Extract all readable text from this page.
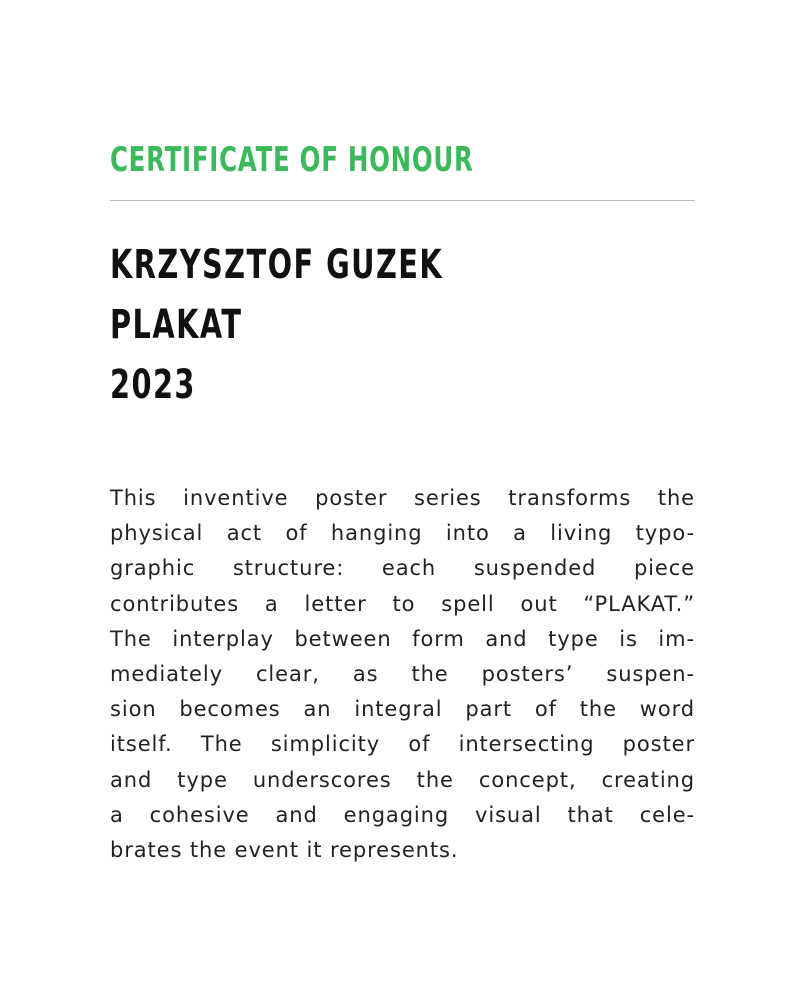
CERTIFICATE OF HONOUR
KRZYSZTOF GUZEK
PLAKAT
2023
This inventive poster series transforms the
physical act of hanging into a living typo-
graphic structure: each suspended piece
contributes a letter to spell out “PLAKAT.”
The interplay between form and type is im-
mediately clear, as the posters’ suspen-
sion becomes an integral part of the word
itself. The simplicity of intersecting poster
and type underscores the concept, creating
a cohesive and engaging visual that cele-
brates the event it represents.
